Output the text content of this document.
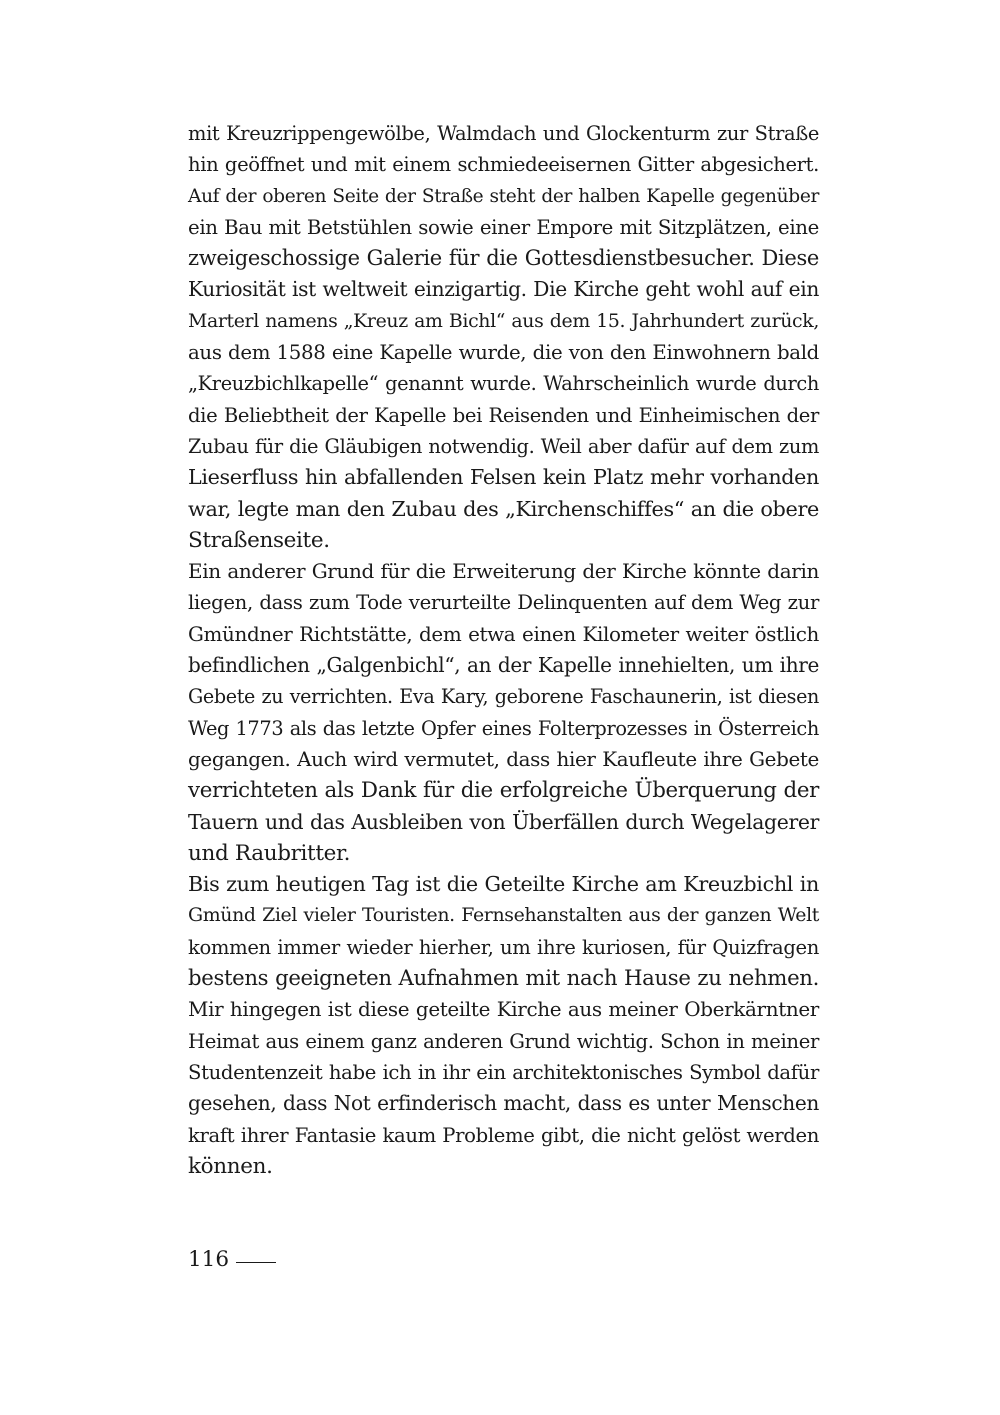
mit Kreuzrippengewölbe, Walmdach und Glockenturm zur Straße
hin geöffnet und mit einem schmiedeeisernen Gitter abgesichert.
Auf der oberen Seite der Straße steht der halben Kapelle gegenüber
ein Bau mit Betstühlen sowie einer Empore mit Sitzplätzen, eine
zweigeschossige Galerie für die Gottesdienstbesucher. Diese
Kuriosität ist weltweit einzigartig. Die Kirche geht wohl auf ein
Marterl namens „Kreuz am Bichl“ aus dem 15. Jahrhundert zurück,
aus dem 1588 eine Kapelle wurde, die von den Einwohnern bald
„Kreuzbichlkapelle“ genannt wurde. Wahrscheinlich wurde durch
die Beliebtheit der Kapelle bei Reisenden und Einheimischen der
Zubau für die Gläubigen notwendig. Weil aber dafür auf dem zum
Lieserfluss hin abfallenden Felsen kein Platz mehr vorhanden
war, legte man den Zubau des „Kirchenschiffes“ an die obere
Straßenseite.
Ein anderer Grund für die Erweiterung der Kirche könnte darin
liegen, dass zum Tode verurteilte Delinquenten auf dem Weg zur
Gmündner Richtstätte, dem etwa einen Kilometer weiter östlich
befindlichen „Galgenbichl“, an der Kapelle innehielten, um ihre
Gebete zu verrichten. Eva Kary, geborene Faschaunerin, ist diesen
Weg 1773 als das letzte Opfer eines Folterprozesses in Österreich
gegangen. Auch wird vermutet, dass hier Kaufleute ihre Gebete
verrichteten als Dank für die erfolgreiche Überquerung der
Tauern und das Ausbleiben von Überfällen durch Wegelagerer
und Raubritter.
Bis zum heutigen Tag ist die Geteilte Kirche am Kreuzbichl in
Gmünd Ziel vieler Touristen. Fernsehanstalten aus der ganzen Welt
kommen immer wieder hierher, um ihre kuriosen, für Quizfragen
bestens geeigneten Aufnahmen mit nach Hause zu nehmen.
Mir hingegen ist diese geteilte Kirche aus meiner Oberkärntner
Heimat aus einem ganz anderen Grund wichtig. Schon in meiner
Studentenzeit habe ich in ihr ein architektonisches Symbol dafür
gesehen, dass Not erfinderisch macht, dass es unter Menschen
kraft ihrer Fantasie kaum Probleme gibt, die nicht gelöst werden
können.
116
